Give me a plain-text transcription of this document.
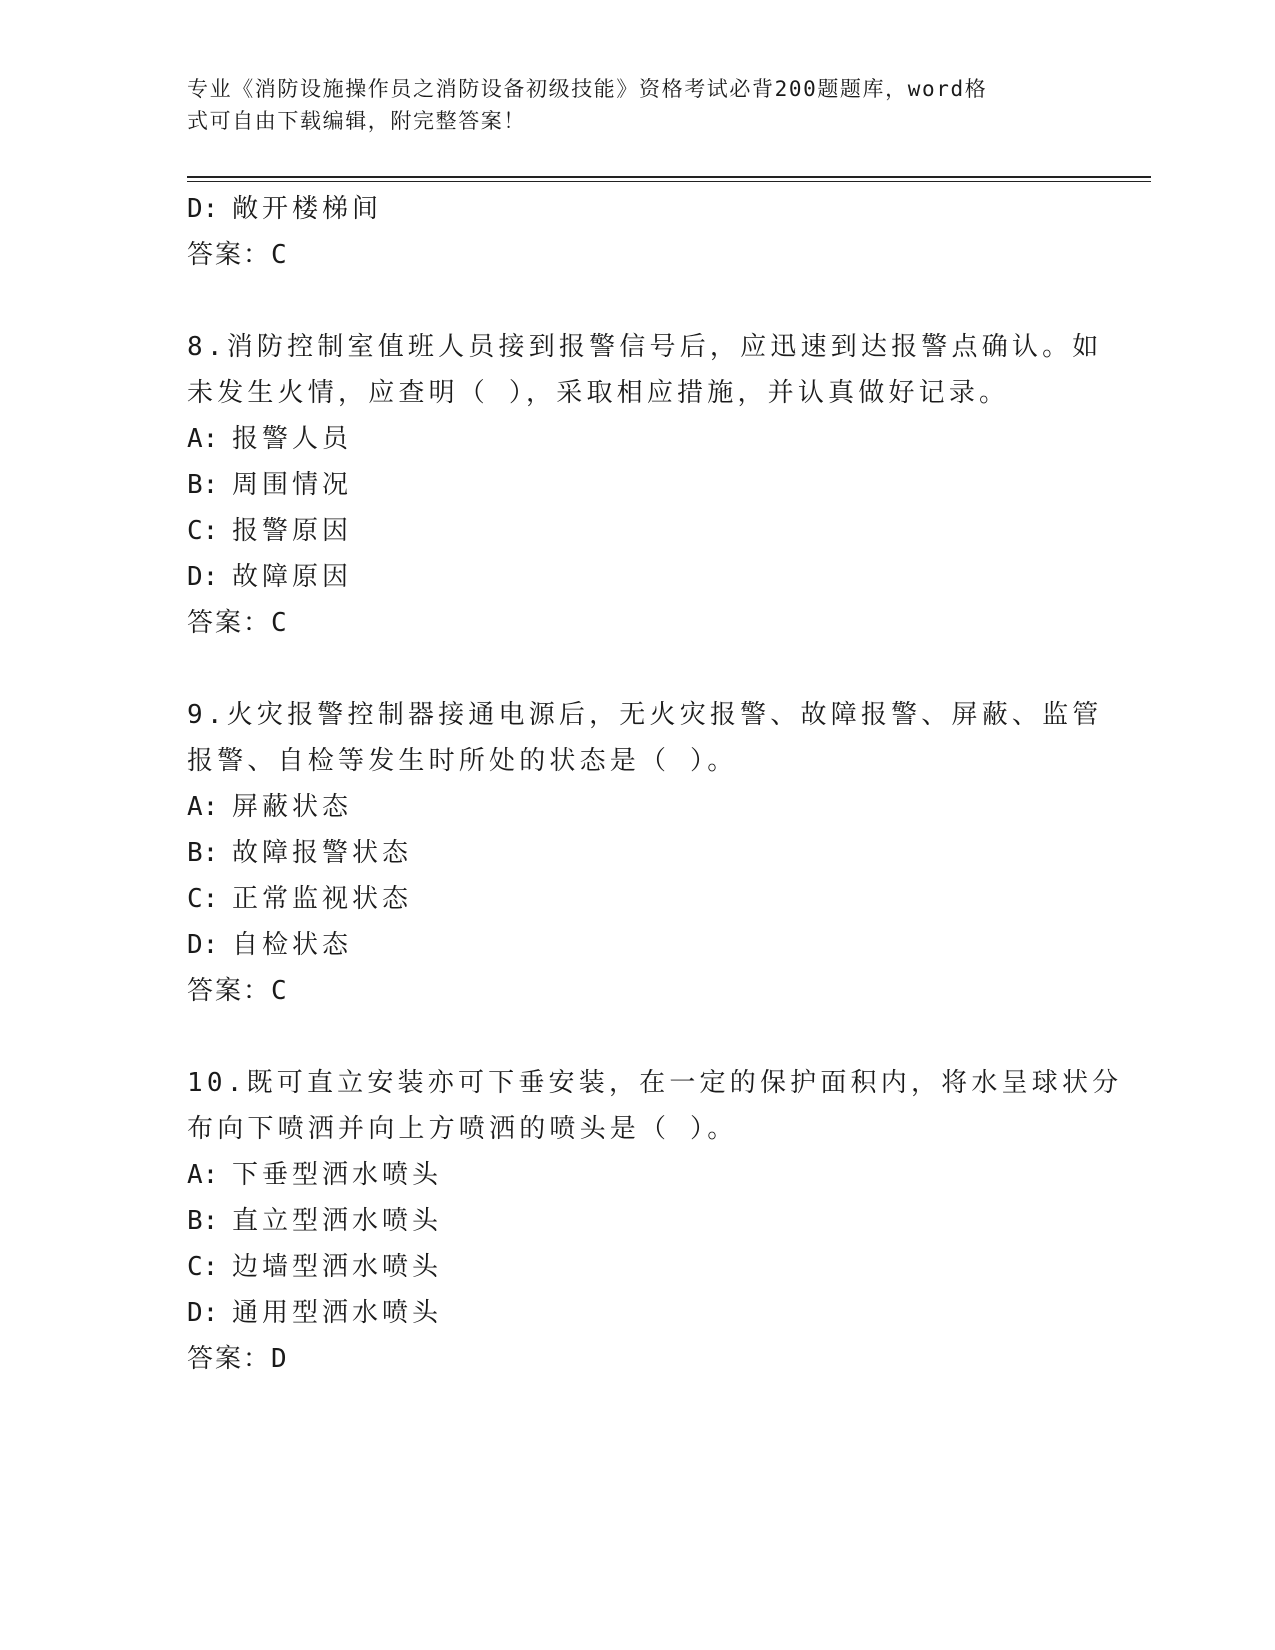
专业《消防设施操作员之消防设备初级技能》资格考试必背200题题库，word格
式可自由下载编辑，附完整答案！
D: 敞开楼梯间
答案：C
8.消防控制室值班人员接到报警信号后，应迅速到达报警点确认。如
未发生火情，应查明（ ），采取相应措施，并认真做好记录。
A: 报警人员
B: 周围情况
C: 报警原因
D: 故障原因
答案：C
9.火灾报警控制器接通电源后，无火灾报警、故障报警、屏蔽、监管
报警、自检等发生时所处的状态是（ ）。
A: 屏蔽状态
B: 故障报警状态
C: 正常监视状态
D: 自检状态
答案：C
10.既可直立安装亦可下垂安装，在一定的保护面积内，将水呈球状分
布向下喷洒并向上方喷洒的喷头是（ ）。
A: 下垂型洒水喷头
B: 直立型洒水喷头
C: 边墙型洒水喷头
D: 通用型洒水喷头
答案：D
